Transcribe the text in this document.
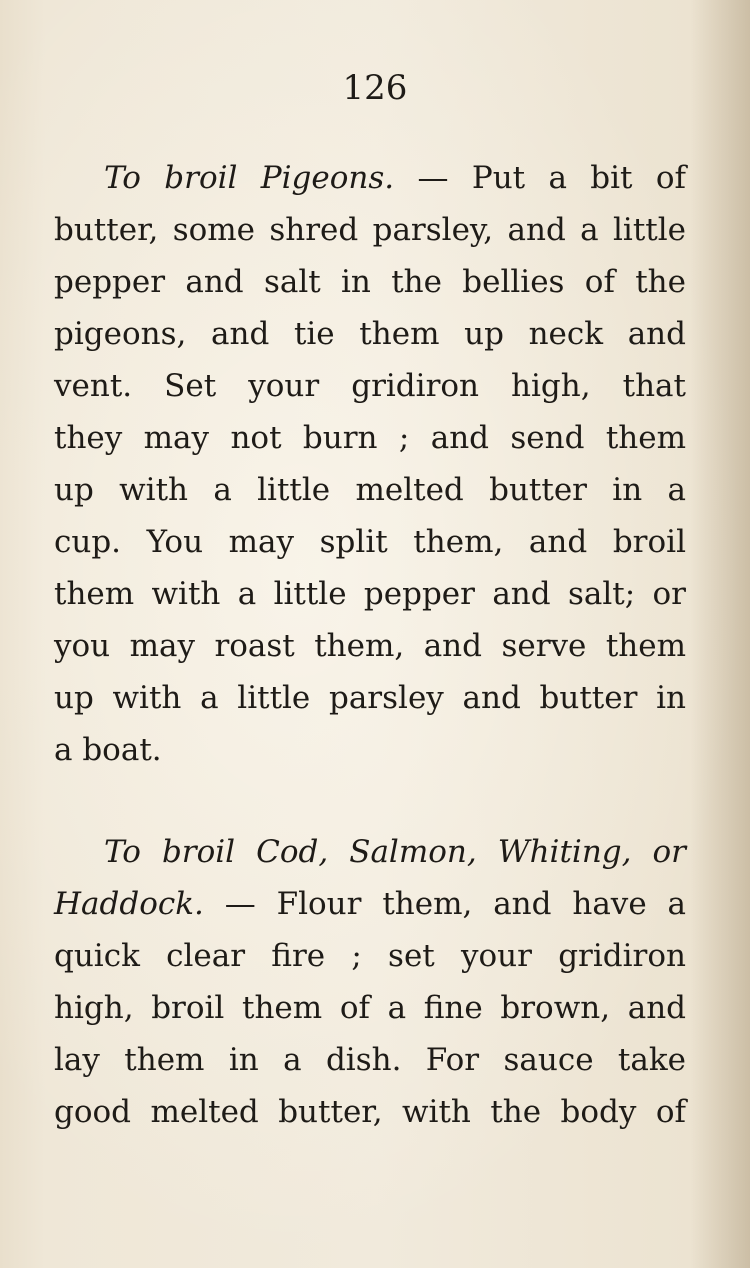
126
To broil Pigeons. — Put a bit of
butter, some shred parsley, and a little
pepper and salt in the bellies of the
pigeons, and tie them up neck and
vent. Set your gridiron high, that
they may not burn ; and send them
up with a little melted butter in a
cup. You may split them, and broil
them with a little pepper and salt; or
you may roast them, and serve them
up with a little parsley and butter in
a boat.
To broil Cod, Salmon, Whiting, or
Haddock. — Flour them, and have a
quick clear fire ; set your gridiron
high, broil them of a fine brown, and
lay them in a dish. For sauce take
good melted butter, with the body of
